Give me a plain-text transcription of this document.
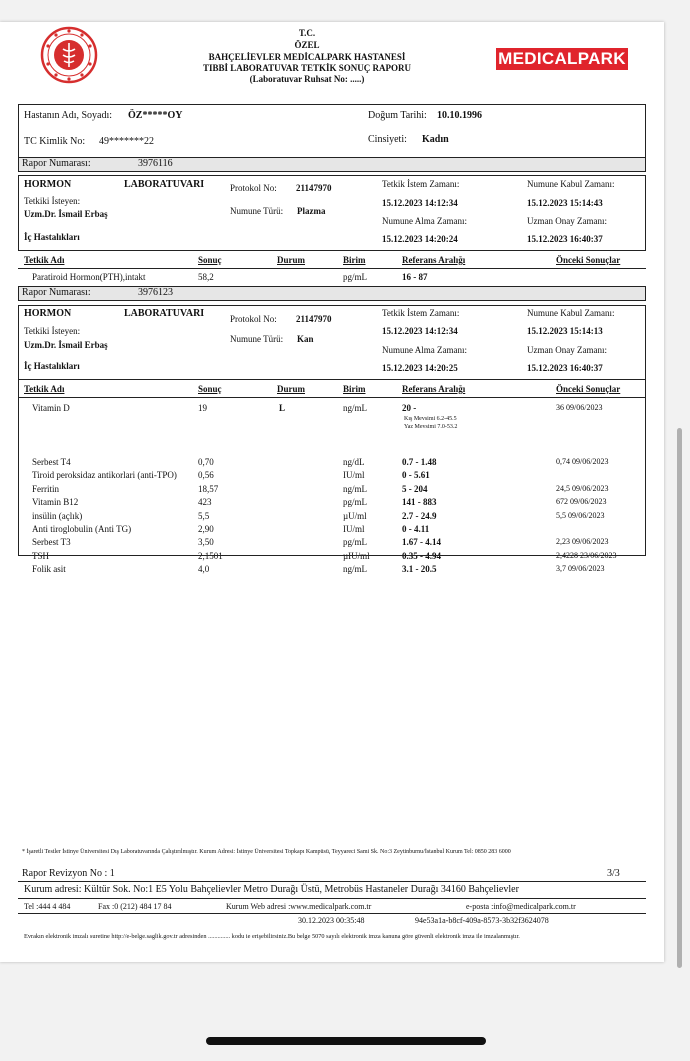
T.C.
ÖZEL
BAHÇELİEVLER MEDİCALPARK HASTANESİ
TIBBİ LABORATUVAR TETKİK SONUÇ RAPORU
(Laboratuvar Ruhsat No: .....)
MEDICALPARK
Hastanın Adı, Soyadı: ÖZ*****OY	Doğum Tarihi: 10.10.1996
TC Kimlik No: 49*******22	Cinsiyeti: Kadın
Rapor Numarası:	3976116
HORMON	LABORATUVARI	Protokol No: 21147970
Tetkiki İsteyen:
Uzm.Dr. İsmail Erbaş	Numune Türü: Plazma
İç Hastalıkları
Tetkik İstem Zamanı:
15.12.2023 14:12:34
Numune Kabul Zamanı:
15.12.2023 15:14:43
Numune Alma Zamanı:
15.12.2023 14:20:24
Uzman Onay Zamanı:
15.12.2023 16:40:37
Tetkik Adı	Sonuç	Durum	Birim	Referans Aralığı	Önceki Sonuçlar
Paratiroid Hormon(PTH),intakt	58,2	pg/mL	16 - 87
Rapor Numarası:	3976123
HORMON	LABORATUVARI	Protokol No: 21147970
Tetkiki İsteyen:
Uzm.Dr. İsmail Erbaş
Numune Türü: Kan
İç Hastalıkları
Tetkik İstem Zamanı:
15.12.2023 14:12:34
Numune Kabul Zamanı:
15.12.2023 15:14:13
Numune Alma Zamanı:
15.12.2023 14:20:25
Uzman Onay Zamanı:
15.12.2023 16:40:37
Tetkik Adı	Sonuç	Durum	Birim	Referans Aralığı	Önceki Sonuçlar
Vitamin D	19	L	ng/mL	20 -	36 09/06/2023
Kış Mevsimi 6.2-45.5
Yaz Mevsimi 7.0-53.2
Serbest T4	0,70	ng/dL	0.7 - 1.48	0,74 09/06/2023
Tiroid peroksidaz antikorlari (anti-TPO) 0,56	IU/ml	0 - 5.61
Ferritin	18,57	ng/mL	5 - 204	24,5 09/06/2023
Vitamin B12	423	pg/mL	141 - 883	672 09/06/2023
insülin (açlık)	5,5	µU/ml	2.7 - 24.9	5,5 09/06/2023
Anti tiroglobulin (Anti TG)	2,90	IU/ml	0 - 4.11
Serbest T3	3,50	pg/mL	1.67 - 4.14	2,23 09/06/2023
Folik asit	4,0	ng/mL	3.1 - 20.5	3,7 09/06/2023
* İşaretli Testler İstinye Üniversitesi Dış Laboratuvarında Çalıştırılmıştır. Kurum Adresi: İstinye Üniversitesi Topkapı Kampüsü, Teyyareci Sami Sk. No:3 Zeytinburnu/İstanbul Kurum Tel: 0850 283 6000
Rapor Revizyon No : 1	3/3
Kurum adresi: Kültür Sok. No:1 E5 Yolu Bahçelievler Metro Durağı Üstü, Metrobüs Hastaneler Durağı 34160 Bahçelievler
Tel :444 4 484	Fax :0 (212) 484 17 84	Kurum Web adresi :www.medicalpark.com.tr	e-posta :info@medicalpark.com.tr
30.12.2023 00:35:48	94e53a1a-b8cf-409a-8573-3b32f3624078
Evrakın elektronik imzalı suretine http://e-belge.saglik.gov.tr adresinden .............. kodu ie erişebilirsiniz.Bu belge 5070 sayılı elektronik imza kanuna göre güvenli elektronik imza ile imzalanmıştır.
